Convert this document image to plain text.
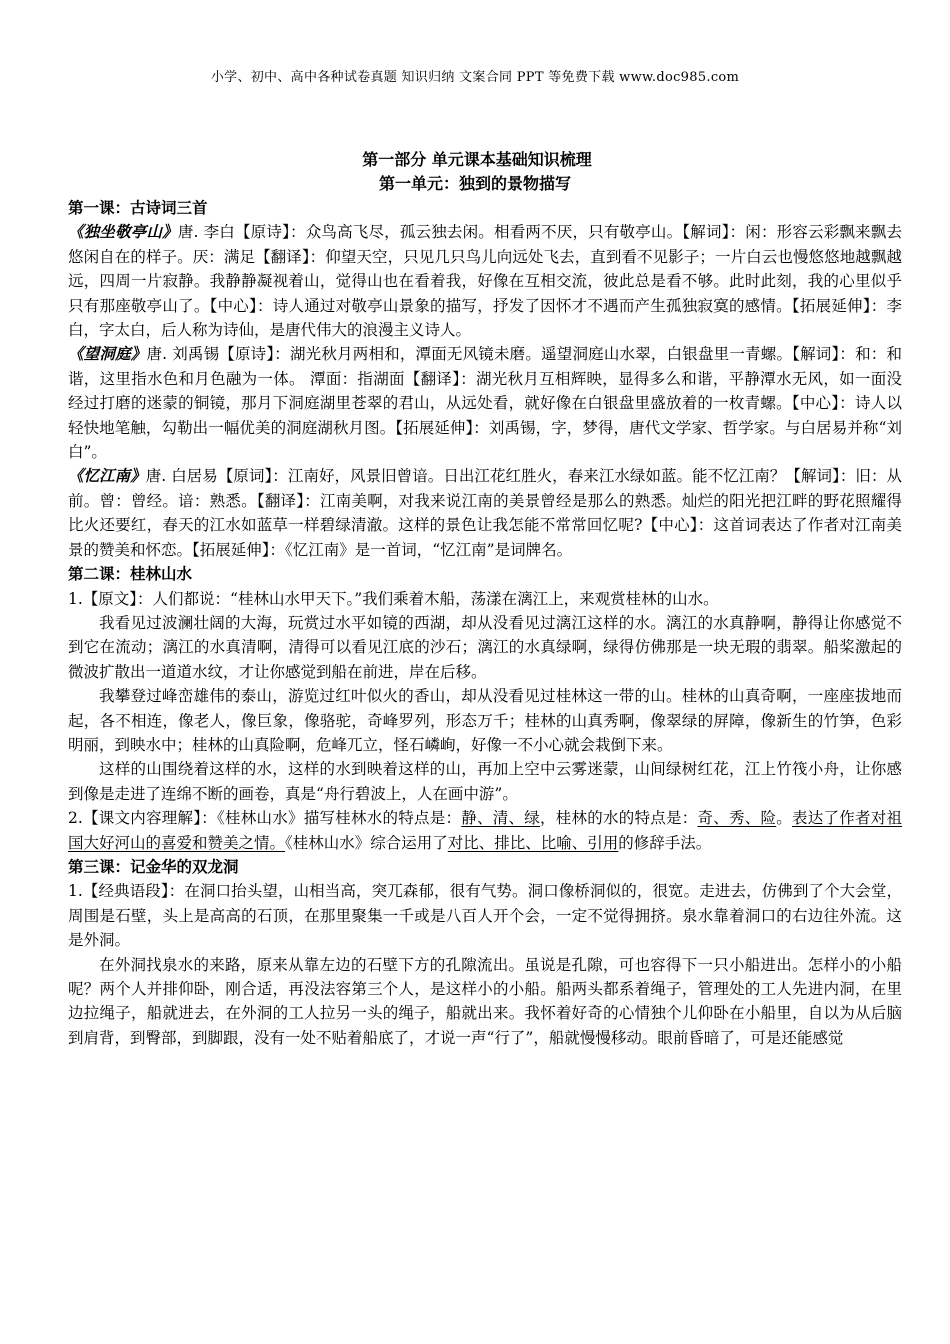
小学、初中、高中各种试卷真题 知识归纳 文案合同 PPT 等免费下载 www.doc985.com
第一部分 单元课本基础知识梳理
第一单元：独到的景物描写

第一课：古诗词三首

《独坐敬亭山》唐. 李白【原诗】：众鸟高飞尽，孤云独去闲。相看两不厌，只有敬亭山。【解词】：闲：形容云彩飘来飘去悠闲自在的样子。厌：满足【翻译】：仰望天空，只见几只鸟儿向远处飞去，直到看不见影子；一片白云也慢悠悠地越飘越远，四周一片寂静。我静静凝视着山，觉得山也在看着我，好像在互相交流，彼此总是看不够。此时此刻，我的心里似乎只有那座敬亭山了。【中心】：诗人通过对敬亭山景象的描写，抒发了因怀才不遇而产生孤独寂寞的感情。【拓展延伸】：李白，字太白，后人称为诗仙，是唐代伟大的浪漫主义诗人。

《望洞庭》唐. 刘禹锡【原诗】：湖光秋月两相和，潭面无风镜未磨。遥望洞庭山水翠，白银盘里一青螺。【解词】：和：和谐，这里指水色和月色融为一体。 潭面：指湖面【翻译】：湖光秋月互相辉映，显得多么和谐，平静潭水无风，如一面没经过打磨的迷蒙的铜镜，那月下洞庭湖里苍翠的君山，从远处看，就好像在白银盘里盛放着的一枚青螺。【中心】：诗人以轻快地笔触，勾勒出一幅优美的洞庭湖秋月图。【拓展延伸】：刘禹锡，字，梦得，唐代文学家、哲学家。与白居易并称“刘白”。

《忆江南》唐. 白居易【原词】：江南好，风景旧曾谙。日出江花红胜火，春来江水绿如蓝。能不忆江南？【解词】：旧：从前。曾：曾经。谙：熟悉。【翻译】：江南美啊，对我来说江南的美景曾经是那么的熟悉。灿烂的阳光把江畔的野花照耀得比火还要红，春天的江水如蓝草一样碧绿清澈。这样的景色让我怎能不常常回忆呢?【中心】：这首词表达了作者对江南美景的赞美和怀恋。【拓展延伸】：《忆江南》是一首词，“忆江南”是词牌名。

第二课：桂林山水

1.【原文】：人们都说：“桂林山水甲天下。”我们乘着木船，荡漾在漓江上，来观赏桂林的山水。

我看见过波澜壮阔的大海，玩赏过水平如镜的西湖，却从没看见过漓江这样的水。漓江的水真静啊，静得让你感觉不到它在流动；漓江的水真清啊，清得可以看见江底的沙石；漓江的水真绿啊，绿得仿佛那是一块无瑕的翡翠。船桨激起的微波扩散出一道道水纹，才让你感觉到船在前进，岸在后移。

我攀登过峰峦雄伟的泰山，游览过红叶似火的香山，却从没看见过桂林这一带的山。桂林的山真奇啊，一座座拔地而起，各不相连，像老人，像巨象，像骆驼，奇峰罗列，形态万千；桂林的山真秀啊，像翠绿的屏障，像新生的竹笋，色彩明丽，到映水中；桂林的山真险啊，危峰兀立，怪石嶙峋，好像一不小心就会栽倒下来。

这样的山围绕着这样的水，这样的水到映着这样的山，再加上空中云雾迷蒙，山间绿树红花，江上竹筏小舟，让你感到像是走进了连绵不断的画卷，真是“舟行碧波上，人在画中游”。

2.【课文内容理解】：《桂林山水》描写桂林水的特点是：静、清、绿，桂林的水的特点是：奇、秀、险。表达了作者对祖国大好河山的喜爱和赞美之情。《桂林山水》综合运用了对比、排比、比喻、引用的修辞手法。

第三课：记金华的双龙洞

1.【经典语段】：在洞口抬头望，山相当高，突兀森郁，很有气势。洞口像桥洞似的，很宽。走进去，仿佛到了个大会堂，周围是石壁，头上是高高的石顶，在那里聚集一千或是八百人开个会，一定不觉得拥挤。泉水靠着洞口的右边往外流。这是外洞。

在外洞找泉水的来路，原来从靠左边的石壁下方的孔隙流出。虽说是孔隙，可也容得下一只小船进出。怎样小的小船呢？两个人并排仰卧，刚合适，再没法容第三个人，是这样小的小船。船两头都系着绳子，管理处的工人先进内洞，在里边拉绳子，船就进去，在外洞的工人拉另一头的绳子，船就出来。我怀着好奇的心情独个儿仰卧在小船里，自以为从后脑到肩背，到臀部，到脚跟，没有一处不贴着船底了，才说一声“行了”，船就慢慢移动。眼前昏暗了，可是还能感觉
